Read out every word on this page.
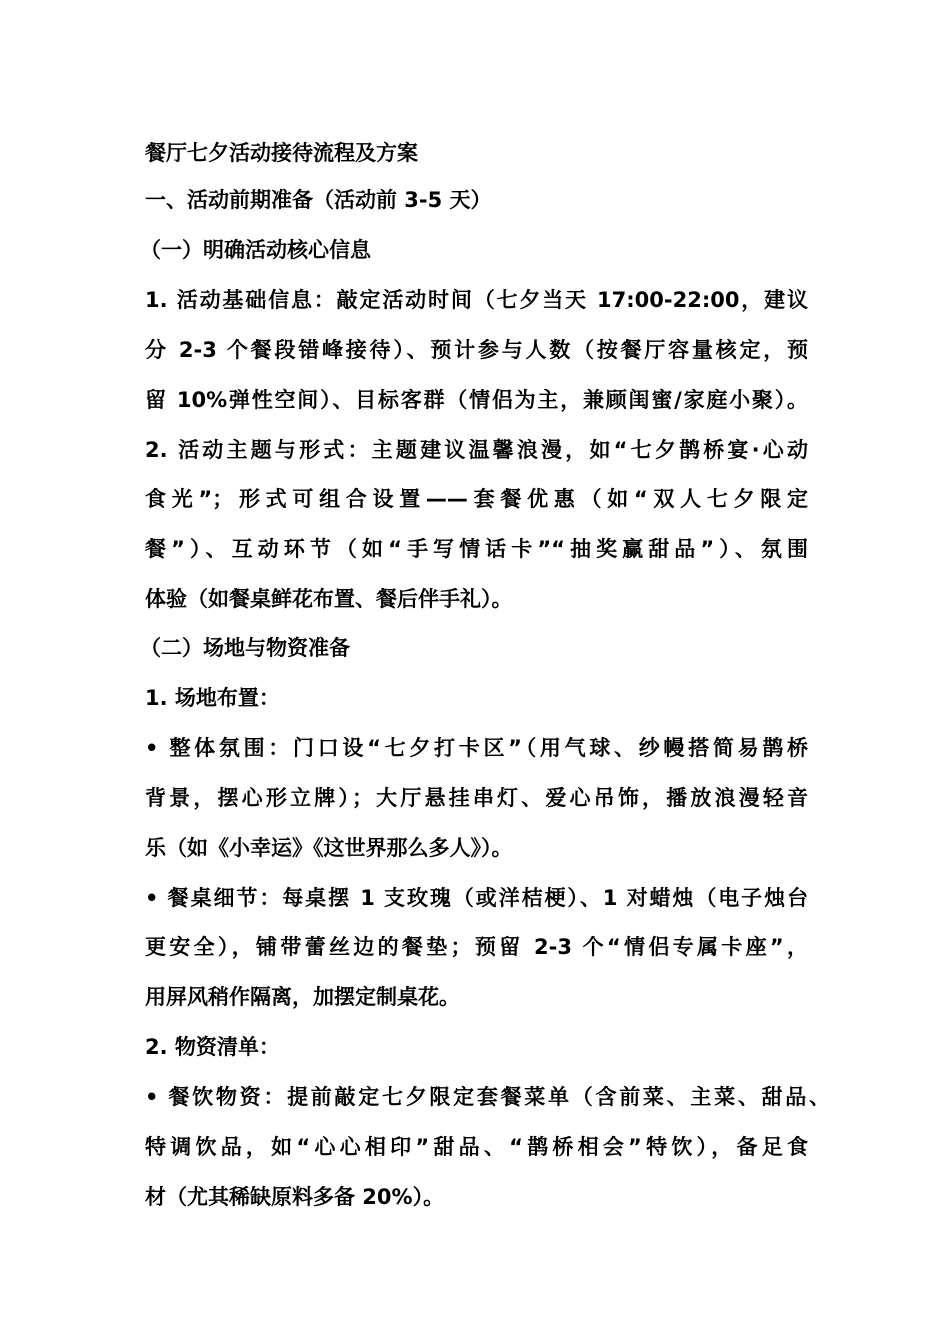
餐厅七夕活动接待流程及方案
一、活动前期准备（活动前 3-5 天）
（一）明确活动核心信息
1. 活动基础信息：敲定活动时间（七夕当天 17:00-22:00，建议
分 2-3 个餐段错峰接待）、预计参与人数（按餐厅容量核定，预
留 10%弹性空间）、目标客群（情侣为主，兼顾闺蜜/家庭小聚）。
2. 活动主题与形式：主题建议温馨浪漫，如“七夕鹊桥宴·心动
食光”；形式可组合设置——套餐优惠（如“双人七夕限定
餐”）、互动环节（如“手写情话卡”“抽奖赢甜品”）、氛围
体验（如餐桌鲜花布置、餐后伴手礼）。
（二）场地与物资准备
1. 场地布置：
• 整体氛围：门口设“七夕打卡区”（用气球、纱幔搭简易鹊桥
背景，摆心形立牌）；大厅悬挂串灯、爱心吊饰，播放浪漫轻音
乐（如《小幸运》《这世界那么多人》）。
• 餐桌细节：每桌摆 1 支玫瑰（或洋桔梗）、1 对蜡烛（电子烛台
更安全），铺带蕾丝边的餐垫；预留 2-3 个“情侣专属卡座”，
用屏风稍作隔离，加摆定制桌花。
2. 物资清单：
• 餐饮物资：提前敲定七夕限定套餐菜单（含前菜、主菜、甜品、
特调饮品，如“心心相印”甜品、“鹊桥相会”特饮），备足食
材（尤其稀缺原料多备 20%）。
